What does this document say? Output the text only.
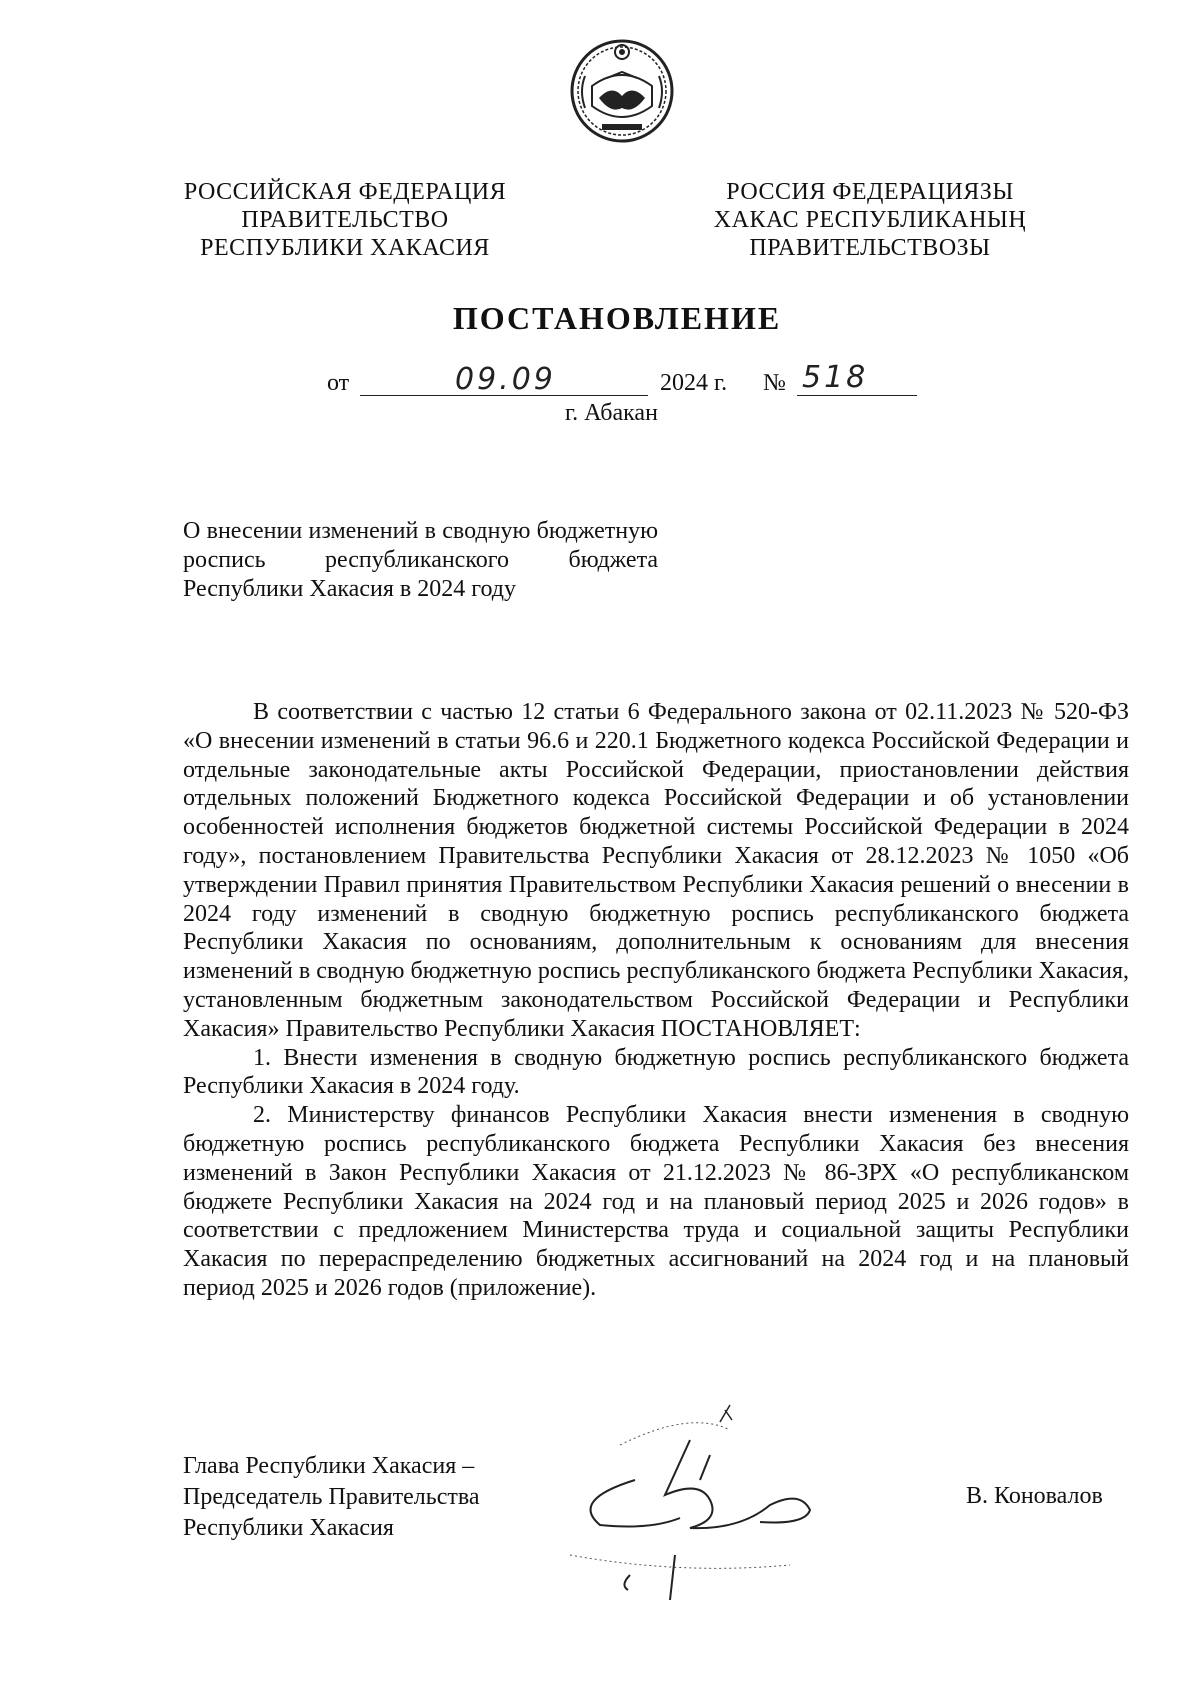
РОССИЙСКАЯ ФЕДЕРАЦИЯ
ПРАВИТЕЛЬСТВО
РЕСПУБЛИКИ ХАКАСИЯ
РОССИЯ ФЕДЕРАЦИЯЗЫ
ХАКАС РЕСПУБЛИКАНЫҢ
ПРАВИТЕЛЬСТВОЗЫ
ПОСТАНОВЛЕНИЕ
от	09.09	2024 г. № 518
г. Абакан
О внесении изменений в сводную бюджетную роспись республиканского бюджета Республики Хакасия в 2024 году

В соответствии с частью 12 статьи 6 Федерального закона от 02.11.2023 № 520-ФЗ «О внесении изменений в статьи 96.6 и 220.1 Бюджетного кодекса Российской Федерации и отдельные законодательные акты Российской Федерации, приостановлении действия отдельных положений Бюджетного кодекса Российской Федерации и об установлении особенностей исполнения бюджетов бюджетной системы Российской Федерации в 2024 году», постановлением Правительства Республики Хакасия от 28.12.2023 № 1050 «Об утверждении Правил принятия Правительством Республики Хакасия решений о внесении в 2024 году изменений в сводную бюджетную роспись республиканского бюджета Республики Хакасия по основаниям, дополнительным к основаниям для внесения изменений в сводную бюджетную роспись республиканского бюджета Республики Хакасия, установленным бюджетным законодательством Российской Федерации и Республики Хакасия» Правительство Республики Хакасия ПОСТАНОВЛЯЕТ:

1. Внести изменения в сводную бюджетную роспись республиканского бюджета Республики Хакасия в 2024 году.

2. Министерству финансов Республики Хакасия внести изменения в сводную бюджетную роспись республиканского бюджета Республики Хакасия без внесения изменений в Закон Республики Хакасия от 21.12.2023 № 86-ЗРХ «О республиканском бюджете Республики Хакасия на 2024 год и на плановый период 2025 и 2026 годов» в соответствии с предложением Министерства труда и социальной защиты Республики Хакасия по перераспределению бюджетных ассигнований на 2024 год и на плановый период 2025 и 2026 годов (приложение).

Глава Республики Хакасия –
Председатель Правительства
Республики Хакасия
В. Коновалов
